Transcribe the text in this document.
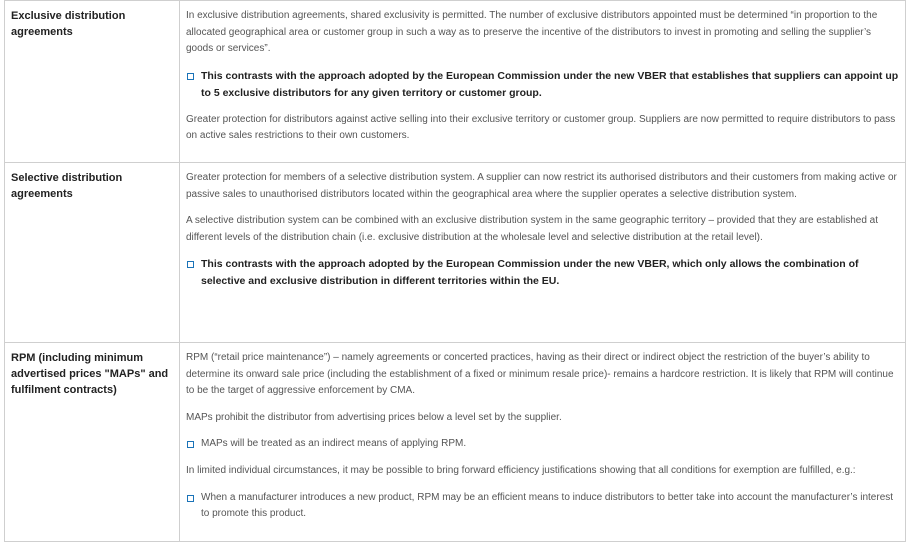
Exclusive distribution agreements	In exclusive distribution agreements, shared exclusivity is permitted. The number of exclusive distributors appointed must be determined “in proportion to the allocated geographical area or customer group in such a way as to preserve the incentive of the distributors to invest in promoting and selling the supplier’s goods or services”.

This contrasts with the approach adopted by the European Commission under the new VBER that establishes that suppliers can appoint up to 5 exclusive distributors for any given territory or customer group.

Greater protection for distributors against active selling into their exclusive territory or customer group. Suppliers are now permitted to require distributors to pass on active sales restrictions to their own customers.

Selective distribution agreements	Greater protection for members of a selective distribution system. A supplier can now restrict its authorised distributors and their customers from making active or passive sales to unauthorised distributors located within the geographical area where the supplier operates a selective distribution system.

A selective distribution system can be combined with an exclusive distribution system in the same geographic territory – provided that they are established at different levels of the distribution chain (i.e. exclusive distribution at the wholesale level and selective distribution at the retail level).

This contrasts with the approach adopted by the European Commission under the new VBER, which only allows the combination of selective and exclusive distribution in different territories within the EU.

RPM (including minimum advertised prices "MAPs" and fulfilment contracts)	RPM (“retail price maintenance”) – namely agreements or concerted practices, having as their direct or indirect object the restriction of the buyer’s ability to determine its onward sale price (including the establishment of a fixed or minimum resale price)- remains a hardcore restriction. It is likely that RPM will continue to be the target of aggressive enforcement by CMA.

MAPs prohibit the distributor from advertising prices below a level set by the supplier.

MAPs will be treated as an indirect means of applying RPM.

In limited individual circumstances, it may be possible to bring forward efficiency justifications showing that all conditions for exemption are fulfilled, e.g.:

When a manufacturer introduces a new product, RPM may be an efficient means to induce distributors to better take into account the manufacturer’s interest to promote this product.
